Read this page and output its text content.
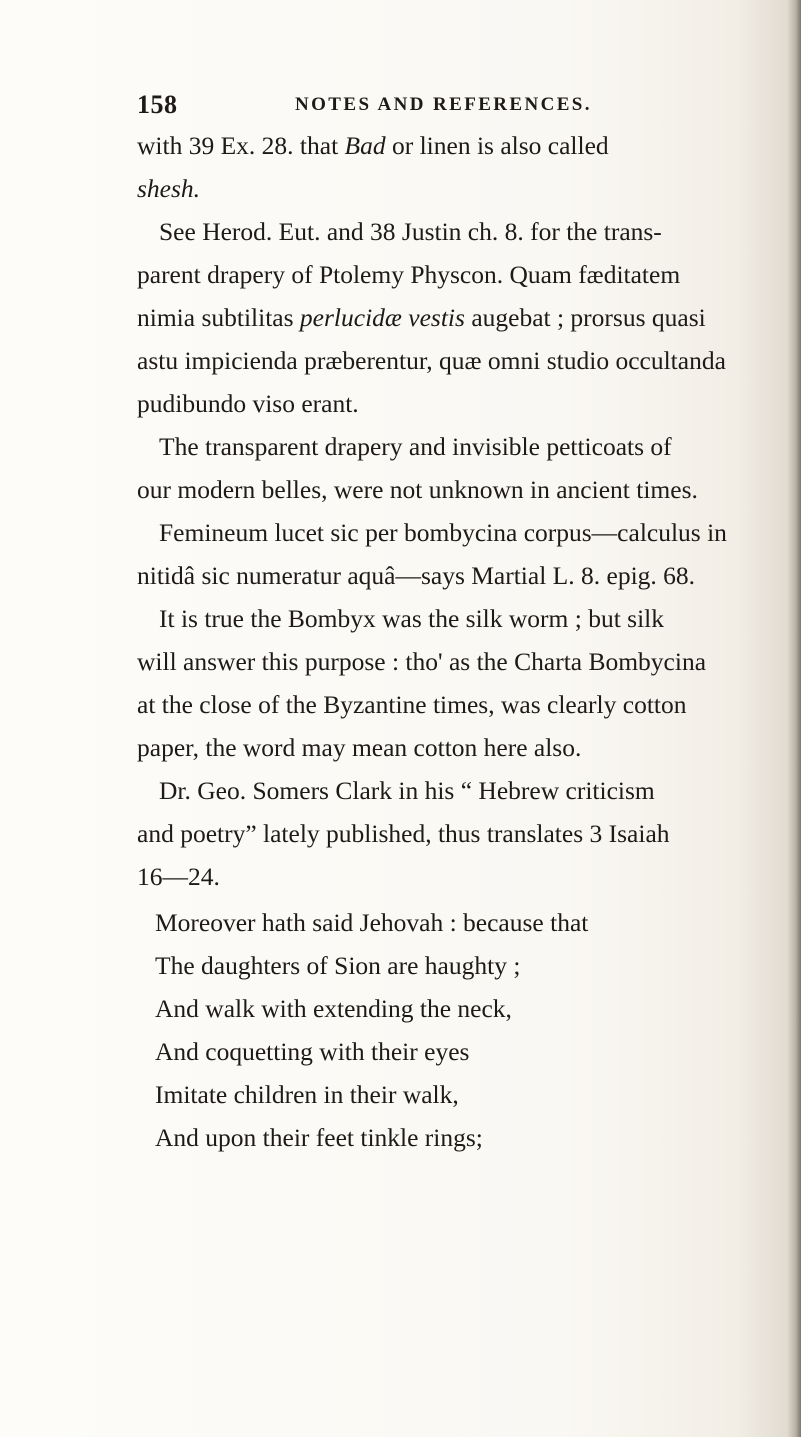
158	NOTES AND REFERENCES.
with 39 Ex. 28. that Bad or linen is also called
shesh.
See Herod. Eut. and 38 Justin ch. 8. for the trans-
parent drapery of Ptolemy Physcon. Quam fæditatem
nimia subtilitas perlucidæ vestis augebat ; prorsus quasi
astu impicienda præberentur, quæ omni studio occultanda
pudibundo viso erant.
The transparent drapery and invisible petticoats of
our modern belles, were not unknown in ancient times.
Femineum lucet sic per bombycina corpus—calculus in
nitidâ sic numeratur aquâ—says Martial L. 8. epig. 68.
It is true the Bombyx was the silk worm ; but silk
will answer this purpose : tho' as the Charta Bombycina
at the close of the Byzantine times, was clearly cotton
paper, the word may mean cotton here also.
Dr. Geo. Somers Clark in his “ Hebrew criticism
and poetry” lately published, thus translates 3 Isaiah
16—24.
Moreover hath said Jehovah : because that
The daughters of Sion are haughty ;
And walk with extending the neck,
And coquetting with their eyes
Imitate children in their walk,
And upon their feet tinkle rings;
